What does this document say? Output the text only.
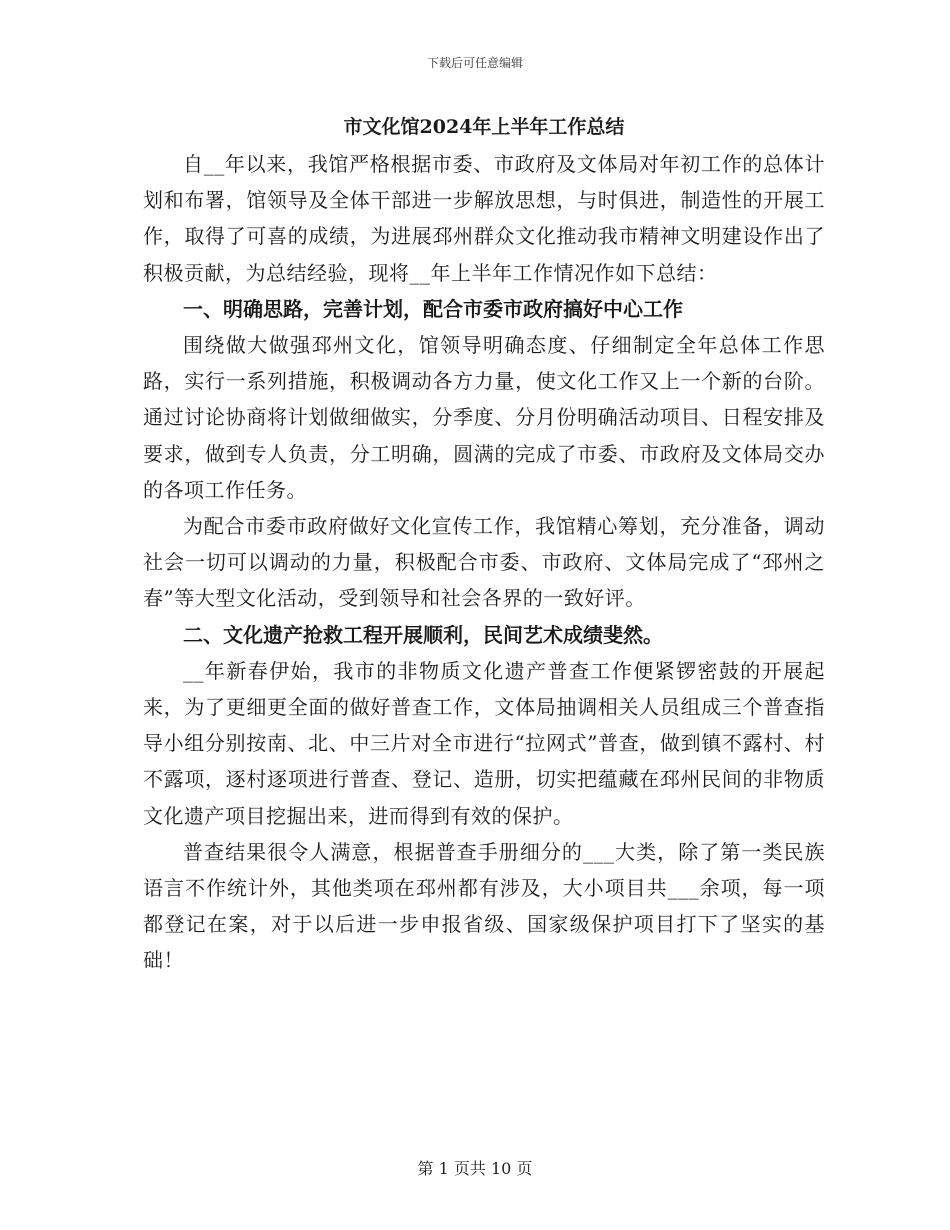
下载后可任意编辑
市文化馆2024年上半年工作总结

自__年以来，我馆严格根据市委、市政府及文体局对年初工作的总体计划和布署，馆领导及全体干部进一步解放思想，与时俱进，制造性的开展工作，取得了可喜的成绩，为进展邳州群众文化推动我市精神文明建设作出了积极贡献，为总结经验，现将__年上半年工作情况作如下总结：

一、明确思路，完善计划，配合市委市政府搞好中心工作

围绕做大做强邳州文化，馆领导明确态度、仔细制定全年总体工作思路，实行一系列措施，积极调动各方力量，使文化工作又上一个新的台阶。通过讨论协商将计划做细做实，分季度、分月份明确活动项目、日程安排及要求，做到专人负责，分工明确，圆满的完成了市委、市政府及文体局交办的各项工作任务。

为配合市委市政府做好文化宣传工作，我馆精心筹划，充分准备，调动社会一切可以调动的力量，积极配合市委、市政府、文体局完成了“邳州之春”等大型文化活动，受到领导和社会各界的一致好评。

二、文化遗产抢救工程开展顺利，民间艺术成绩斐然。

__年新春伊始，我市的非物质文化遗产普查工作便紧锣密鼓的开展起来，为了更细更全面的做好普查工作，文体局抽调相关人员组成三个普查指导小组分别按南、北、中三片对全市进行“拉网式”普查，做到镇不露村、村不露项，逐村逐项进行普查、登记、造册，切实把蕴藏在邳州民间的非物质文化遗产项目挖掘出来，进而得到有效的保护。

普查结果很令人满意，根据普查手册细分的___大类，除了第一类民族语言不作统计外，其他类项在邳州都有涉及，大小项目共___余项，每一项都登记在案，对于以后进一步申报省级、国家级保护项目打下了坚实的基础！

第 1 页共 10 页
